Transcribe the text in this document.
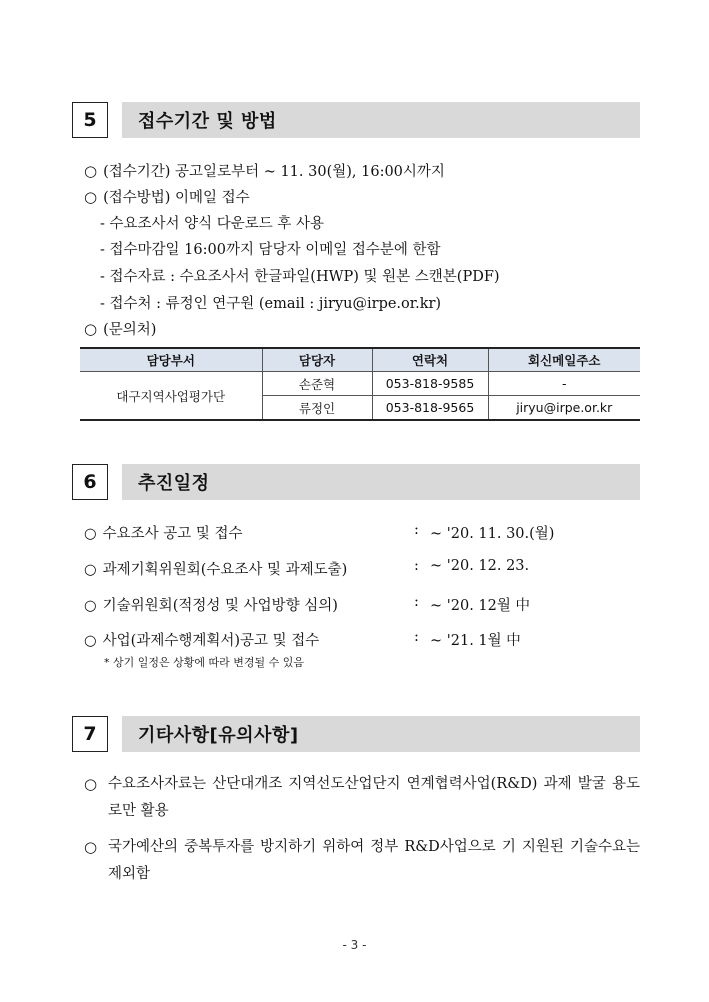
5	접수기간 및 방법
○ (접수기간) 공고일로부터 ~ 11. 30(월), 16:00시까지
○ (접수방법) 이메일 접수
- 수요조사서 양식 다운로드 후 사용
- 접수마감일 16:00까지 담당자 이메일 접수분에 한함
- 접수자료 : 수요조사서 한글파일(HWP) 및 원본 스캔본(PDF)
- 접수처 : 류정인 연구원 (email : jiryu@irpe.or.kr)
○ (문의처)
담당부서	담당자	연락처	회신메일주소
대구지역사업평가단	손준혁	053-818-9585	-
	류정인	053-818-9565	jiryu@irpe.or.kr
6	추진일정
○ 수요조사 공고 및 접수	: ~ '20. 11. 30.(월)
○ 과제기획위원회(수요조사 및 과제도출)	: ~ '20. 12. 23.
○ 기술위원회(적정성 및 사업방향 심의)	: ~ '20. 12월 中
○ 사업(과제수행계획서)공고 및 접수	: ~ '21. 1월 中
* 상기 일정은 상황에 따라 변경될 수 있음
7	기타사항[유의사항]
○ 수요조사자료는 산단대개조 지역선도산업단지 연계협력사업(R&D) 과제 발굴 용도로만 활용
○ 국가예산의 중복투자를 방지하기 위하여 정부 R&D사업으로 기 지원된 기술수요는 제외함
- 3 -
